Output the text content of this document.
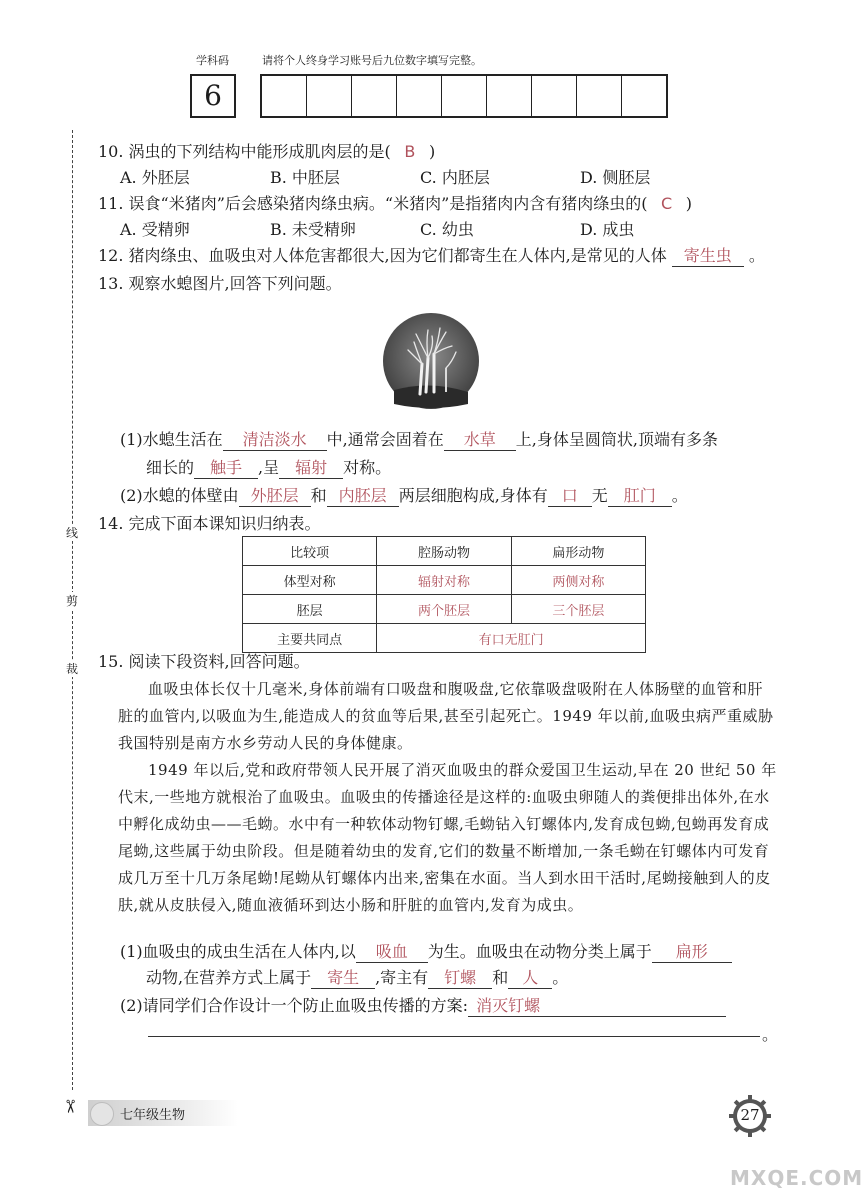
学科码	请将个人终身学习账号后九位数字填写完整。
6
线
剪
裁
✂
10. 涡虫的下列结构中能形成肌肉层的是( B )
A. 外胚层	B. 中胚层	C. 内胚层	D. 侧胚层
11. 误食“米猪肉”后会感染猪肉绦虫病。“米猪肉”是指猪肉内含有猪肉绦虫的( C )
A. 受精卵	B. 未受精卵	C. 幼虫	D. 成虫
12. 猪肉绦虫、血吸虫对人体危害都很大,因为它们都寄生在人体内,是常见的人体 寄生虫 。
13. 观察水螅图片,回答下列问题。
(1)水螅生活在 清洁淡水 中,通常会固着在 水草 上,身体呈圆筒状,顶端有多条
细长的 触手 ,呈 辐射 对称。
(2)水螅的体壁由 外胚层 和 内胚层 两层细胞构成,身体有 口 无 肛门 。
14. 完成下面本课知识归纳表。
比较项	腔肠动物	扁形动物
体型对称	辐射对称	两侧对称
胚层	两个胚层	三个胚层
主要共同点	有口无肛门	
15. 阅读下段资料,回答问题。

血吸虫体长仅十几毫米,身体前端有口吸盘和腹吸盘,它依靠吸盘吸附在人体肠壁的血管和肝脏的血管内,以吸血为生,能造成人的贫血等后果,甚至引起死亡。1949 年以前,血吸虫病严重威胁我国特别是南方水乡劳动人民的身体健康。

1949 年以后,党和政府带领人民开展了消灭血吸虫的群众爱国卫生运动,早在 20 世纪 50 年代末,一些地方就根治了血吸虫。血吸虫的传播途径是这样的:血吸虫卵随人的粪便排出体外,在水中孵化成幼虫——毛蚴。水中有一种软体动物钉螺,毛蚴钻入钉螺体内,发育成包蚴,包蚴再发育成尾蚴,这些属于幼虫阶段。但是随着幼虫的发育,它们的数量不断增加,一条毛蚴在钉螺体内可发育成几万至十几万条尾蚴!尾蚴从钉螺体内出来,密集在水面。当人到水田干活时,尾蚴接触到人的皮肤,就从皮肤侵入,随血液循环到达小肠和肝脏的血管内,发育为成虫。

(1)血吸虫的成虫生活在人体内,以 吸血 为生。血吸虫在动物分类上属于 扁形
动物,在营养方式上属于 寄生 ,寄主有 钉螺 和 人 。
(2)请同学们合作设计一个防止血吸虫传播的方案: 消灭钉螺
。
七年级生物	27
MXQE.COM
